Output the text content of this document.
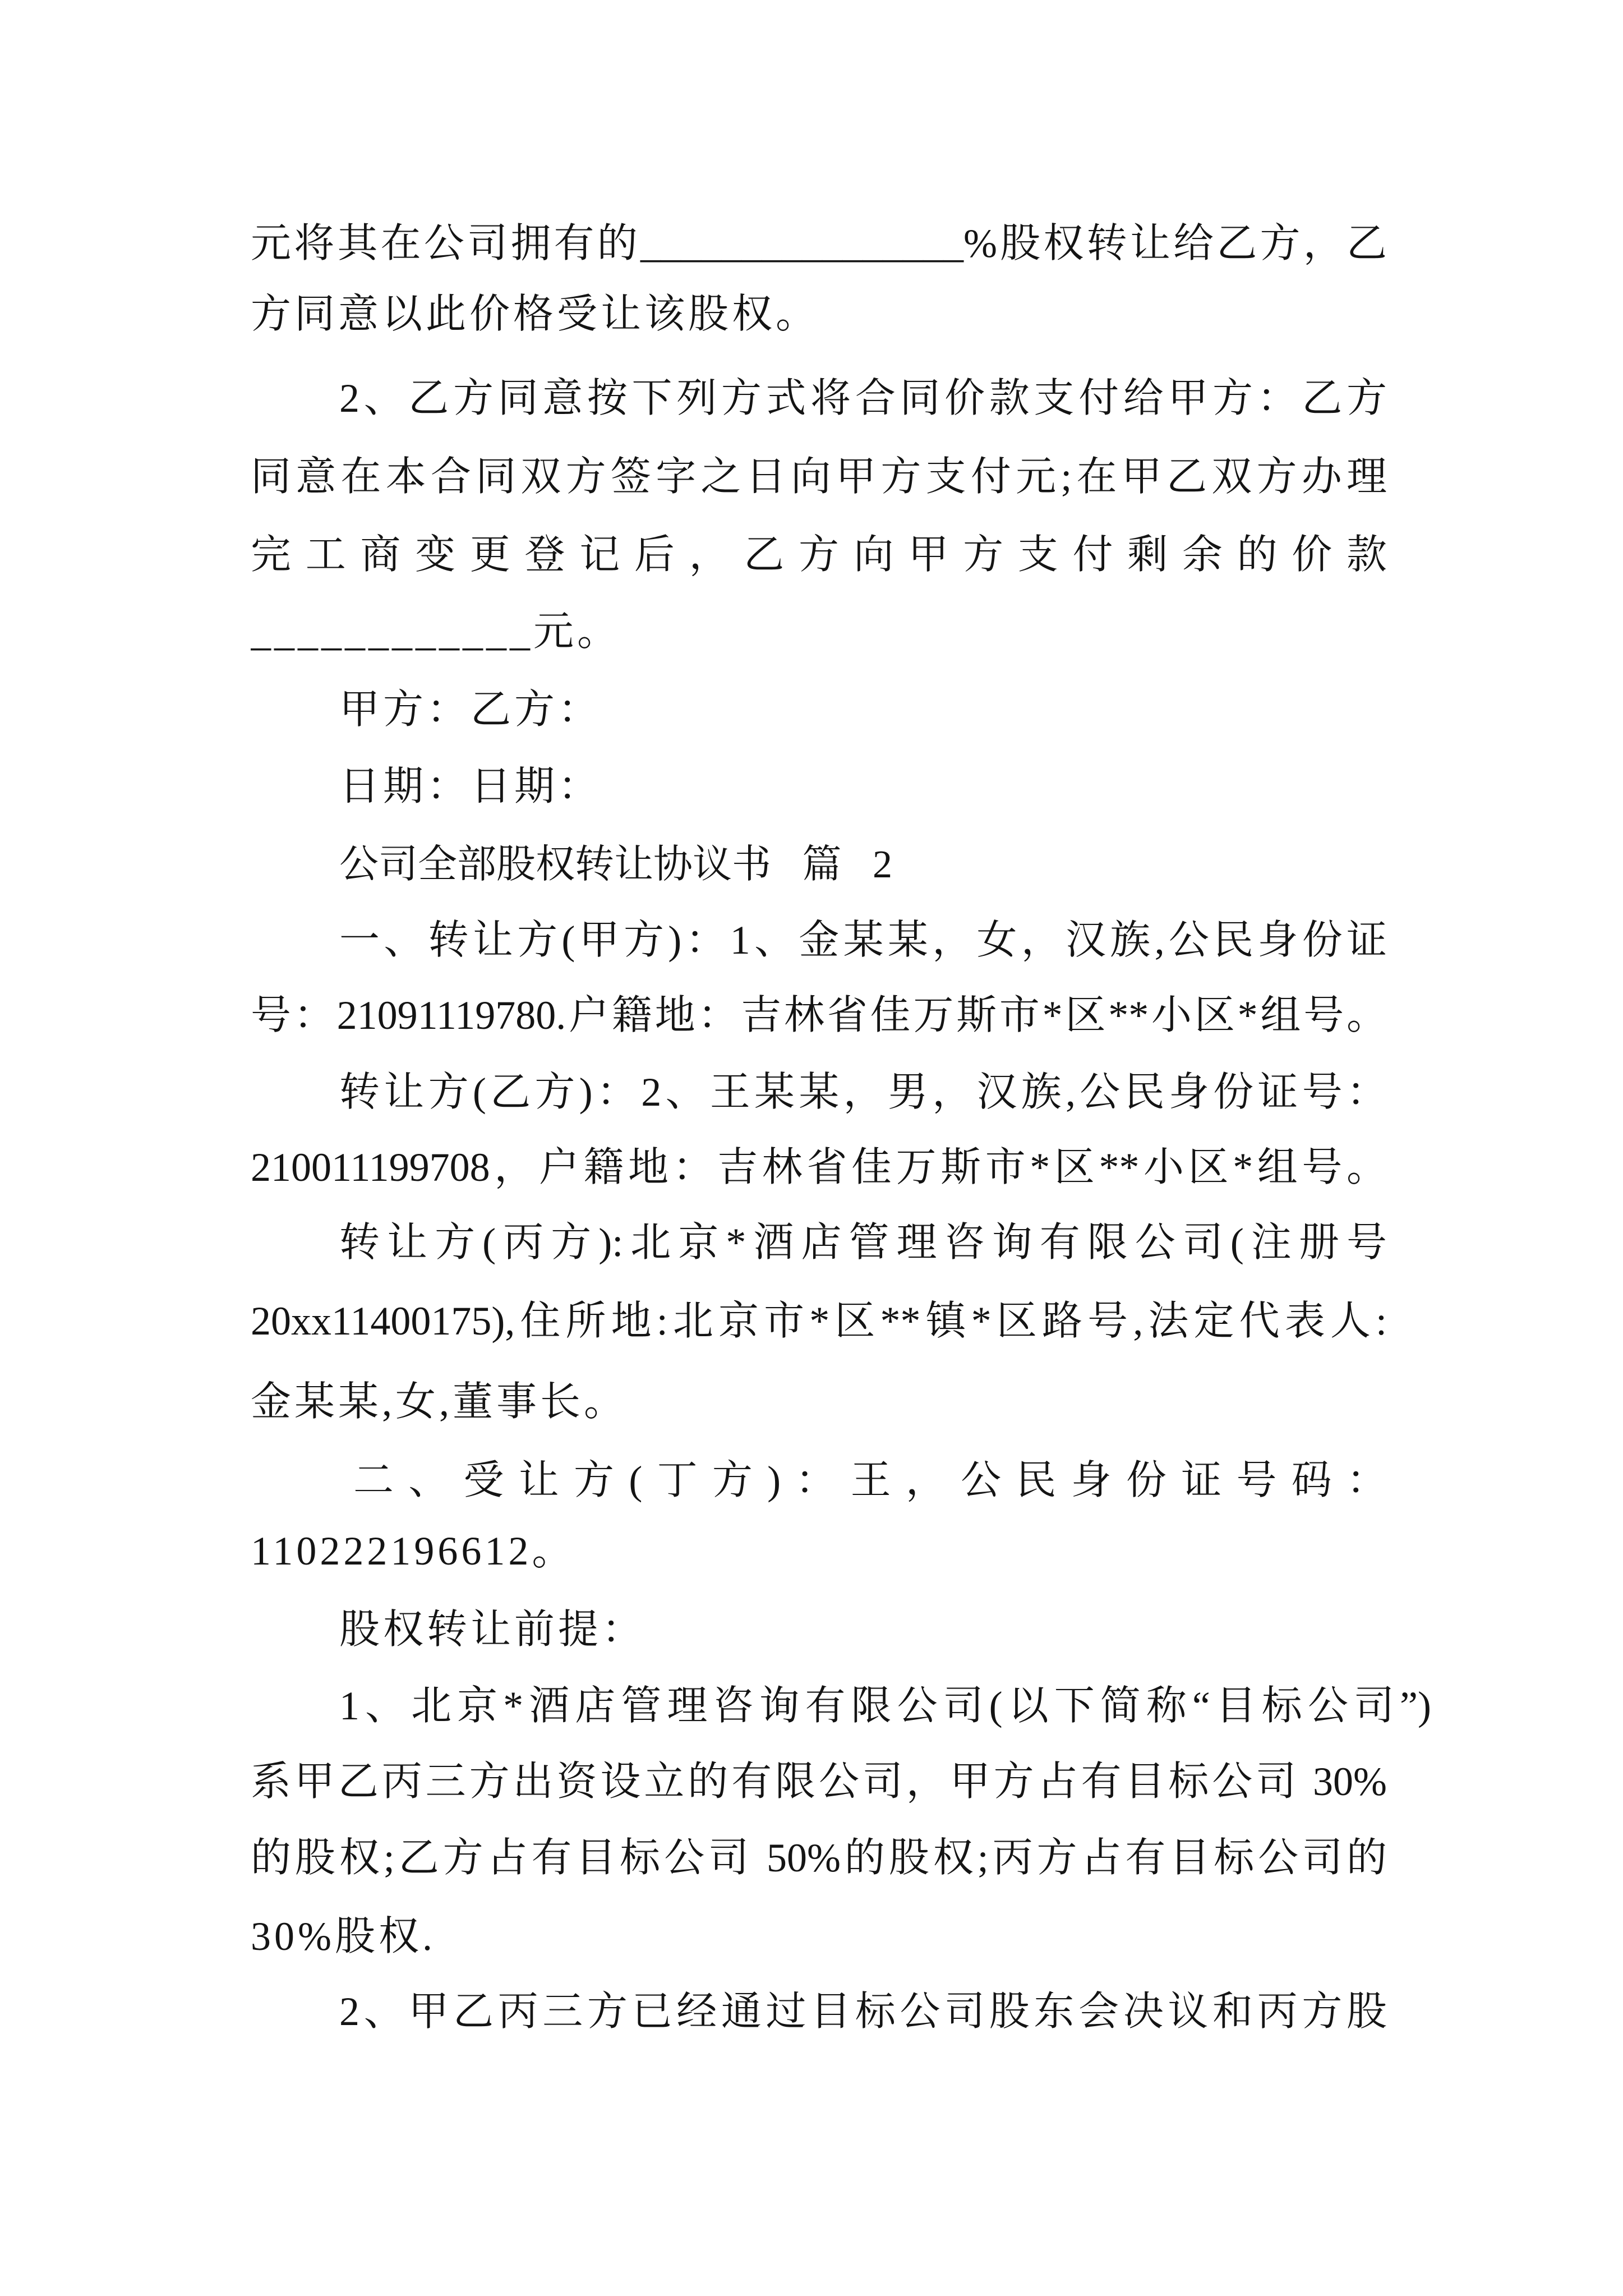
元将其在公司拥有的________________%股权转让给乙方，乙
方同意以此价格受让该股权。
2、乙方同意按下列方式将合同价款支付给甲方：乙方
同意在本合同双方签字之日向甲方支付元;在甲乙双方办理
完工商变更登记后，乙方向甲方支付剩余的价款
____________元。
甲方：乙方：
日期：日期：
公司全部股权转让协议书 篇 2
一、转让方(甲方)：1、金某某，女，汉族,公民身份证
号：21091119780.户籍地：吉林省佳万斯市*区**小区*组号。
转让方(乙方)：2、王某某，男，汉族,公民身份证号：
210011199708，户籍地：吉林省佳万斯市*区**小区*组号。
转让方(丙方):北京*酒店管理咨询有限公司(注册号
20xx11400175),住所地:北京市*区**镇*区路号,法定代表人:
金某某,女,董事长。
二、受让方(丁方)：王，公民身份证号码：
110222196612。
股权转让前提：
1、北京*酒店管理咨询有限公司(以下简称“目标公司”)
系甲乙丙三方出资设立的有限公司，甲方占有目标公司 30%
的股权;乙方占有目标公司 50%的股权;丙方占有目标公司的
30%股权.
2、甲乙丙三方已经通过目标公司股东会决议和丙方股
